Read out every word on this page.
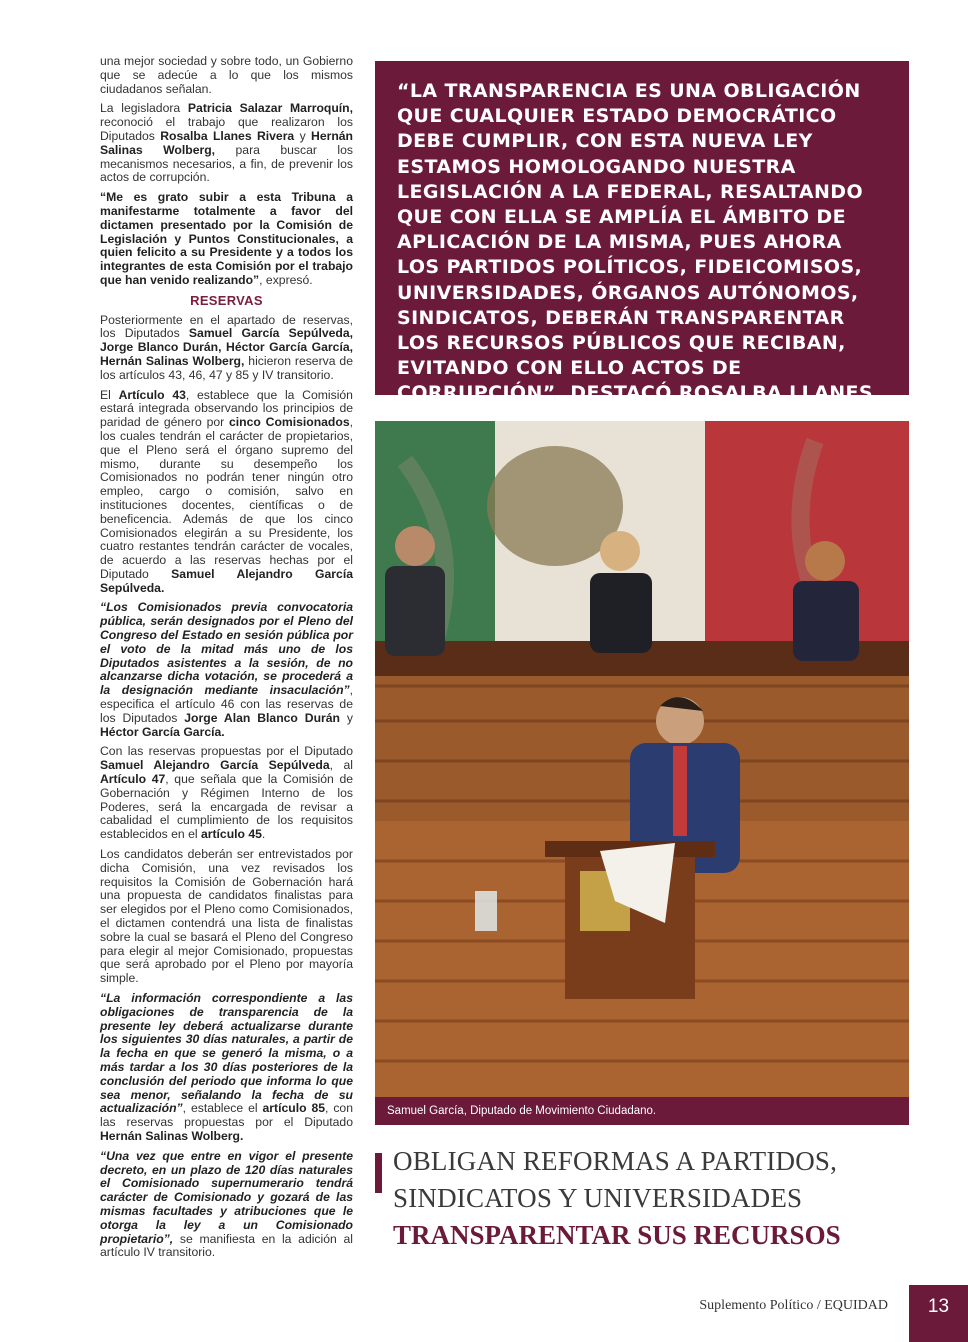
una mejor sociedad y sobre todo, un Gobierno que se adecúe a lo que los mismos ciudadanos señalan.

La legisladora Patricia Salazar Marroquín, reconoció el trabajo que realizaron los Diputados Rosalba Llanes Rivera y Hernán Salinas Wolberg, para buscar los mecanismos necesarios, a fin, de prevenir los actos de corrupción.

“Me es grato subir a esta Tribuna a manifestarme totalmente a favor del dictamen presentado por la Comisión de Legislación y Puntos Constitucionales, a quien felicito a su Presidente y a todos los integrantes de esta Comisión por el trabajo que han venido realizando”, expresó.

RESERVAS

Posteriormente en el apartado de reservas, los Diputados Samuel García Sepúlveda, Jorge Blanco Durán, Héctor García García, Hernán Salinas Wolberg, hicieron reserva de los artículos 43, 46, 47 y 85 y IV transitorio.

El Artículo 43, establece que la Comisión estará integrada observando los principios de paridad de género por cinco Comisionados, los cuales tendrán el carácter de propietarios, que el Pleno será el órgano supremo del mismo, durante su desempeño los Comisionados no podrán tener ningún otro empleo, cargo o comisión, salvo en instituciones docentes, científicas o de beneficencia. Además de que los cinco Comisionados elegirán a su Presidente, los cuatro restantes tendrán carácter de vocales, de acuerdo a las reservas hechas por el Diputado Samuel Alejandro García Sepúlveda.

“Los Comisionados previa convocatoria pública, serán designados por el Pleno del Congreso del Estado en sesión pública por el voto de la mitad más uno de los Diputados asistentes a la sesión, de no alcanzarse dicha votación, se procederá a la designación mediante insaculación”, especifica el artículo 46 con las reservas de los Diputados Jorge Alan Blanco Durán y Héctor García García.

Con las reservas propuestas por el Diputado Samuel Alejandro García Sepúlveda, al Artículo 47, que señala que la Comisión de Gobernación y Régimen Interno de los Poderes, será la encargada de revisar a cabalidad el cumplimiento de los requisitos establecidos en el artículo 45.

Los candidatos deberán ser entrevistados por dicha Comisión, una vez revisados los requisitos la Comisión de Gobernación hará una propuesta de candidatos finalistas para ser elegidos por el Pleno como Comisionados, el dictamen contendrá una lista de finalistas sobre la cual se basará el Pleno del Congreso para elegir al mejor Comisionado, propuestas que será aprobado por el Pleno por mayoría simple.

“La información correspondiente a las obligaciones de transparencia de la presente ley deberá actualizarse durante los siguientes 30 días naturales, a partir de la fecha en que se generó la misma, o a más tardar a los 30 días posteriores de la conclusión del periodo que informa lo que sea menor, señalando la fecha de su actualización”, establece el artículo 85, con las reservas propuestas por el Diputado Hernán Salinas Wolberg.

“Una vez que entre en vigor el presente decreto, en un plazo de 120 días naturales el Comisionado supernumerario tendrá carácter de Comisionado y gozará de las mismas facultades y atribuciones que le otorga la ley a un Comisionado propietario”, se manifiesta en la adición al artículo IV transitorio.

“LA TRANSPARENCIA ES UNA OBLIGACIÓN QUE CUALQUIER ESTADO DEMOCRÁTICO DEBE CUMPLIR, CON ESTA NUEVA LEY ESTAMOS HOMOLOGANDO NUESTRA LEGISLACIÓN A LA FEDERAL, RESALTANDO QUE CON ELLA SE AMPLÍA EL ÁMBITO DE APLICACIÓN DE LA MISMA, PUES AHORA LOS PARTIDOS POLÍTICOS, FIDEICOMISOS, UNIVERSIDADES, ÓRGANOS AUTÓNOMOS, SINDICATOS, DEBERÁN TRANSPARENTAR LOS RECURSOS PÚBLICOS QUE RECIBAN, EVITANDO CON ELLO ACTOS DE CORRUPCIÓN”, DESTACÓ ROSALBA LLANES.

Samuel García, Diputado de Movimiento Ciudadano.
OBLIGAN REFORMAS A PARTIDOS,
SINDICATOS Y UNIVERSIDADES
TRANSPARENTAR SUS RECURSOS
Suplemento Político / EQUIDAD	13
